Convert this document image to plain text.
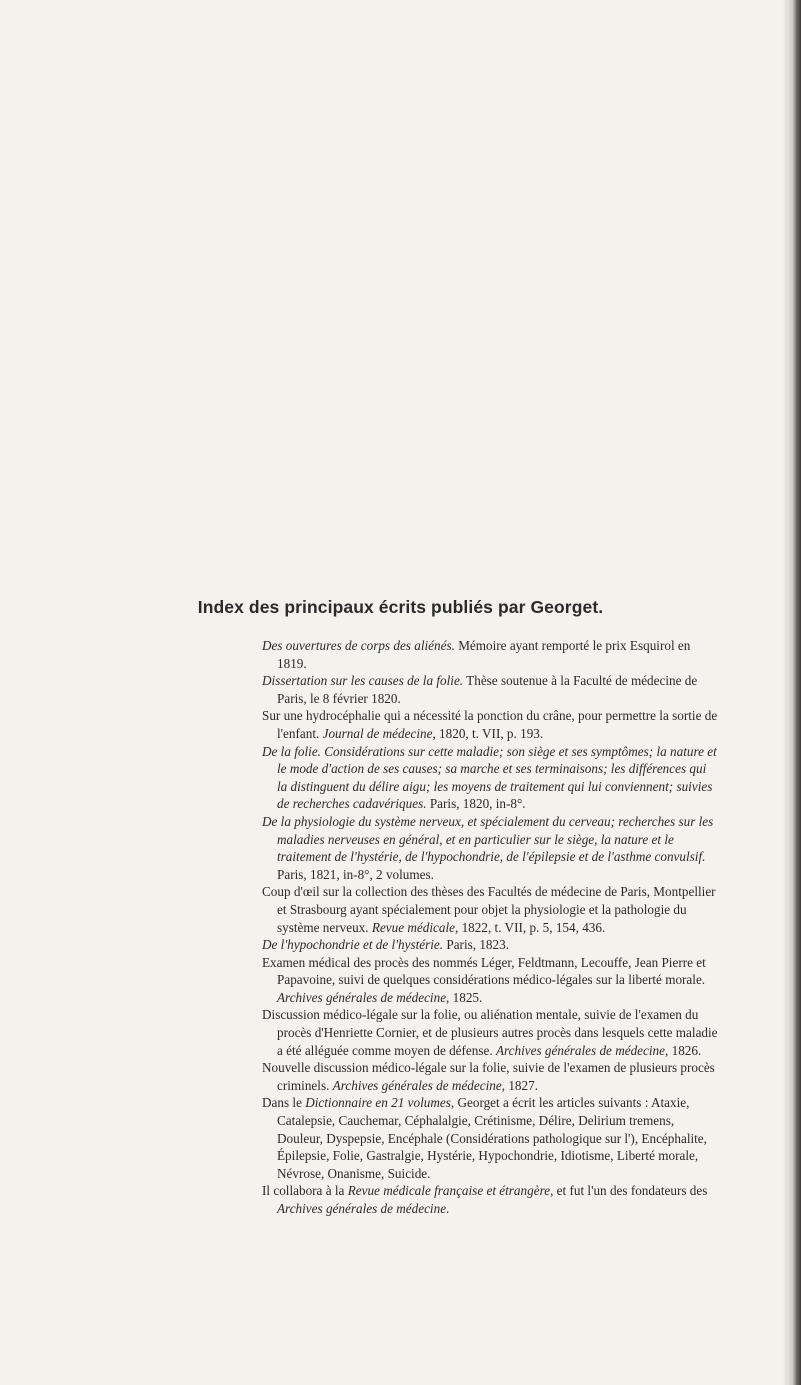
Index des principaux écrits publiés par Georget.

Des ouvertures de corps des aliénés. Mémoire ayant remporté le prix Esquirol en 1819.

Dissertation sur les causes de la folie. Thèse soutenue à la Faculté de médecine de Paris, le 8 février 1820.

Sur une hydrocéphalie qui a nécessité la ponction du crâne, pour permettre la sortie de l'enfant. Journal de médecine, 1820, t. VII, p. 193.

De la folie. Considérations sur cette maladie; son siège et ses symptômes; la nature et le mode d'action de ses causes; sa marche et ses terminaisons; les différences qui la distinguent du délire aigu; les moyens de traitement qui lui conviennent; suivies de recherches cadavériques. Paris, 1820, in-8°.

De la physiologie du système nerveux, et spécialement du cerveau; recherches sur les maladies nerveuses en général, et en particulier sur le siège, la nature et le traitement de l'hystérie, de l'hypochondrie, de l'épilepsie et de l'asthme convulsif. Paris, 1821, in-8°, 2 volumes.

Coup d'œil sur la collection des thèses des Facultés de médecine de Paris, Montpellier et Strasbourg ayant spécialement pour objet la physiologie et la pathologie du système nerveux. Revue médicale, 1822, t. VII, p. 5, 154, 436.

De l'hypochondrie et de l'hystérie. Paris, 1823.

Examen médical des procès des nommés Léger, Feldtmann, Lecouffe, Jean Pierre et Papavoine, suivi de quelques considérations médico-légales sur la liberté morale. Archives générales de médecine, 1825.

Discussion médico-légale sur la folie, ou aliénation mentale, suivie de l'examen du procès d'Henriette Cornier, et de plusieurs autres procès dans lesquels cette maladie a été alléguée comme moyen de défense. Archives générales de médecine, 1826.

Nouvelle discussion médico-légale sur la folie, suivie de l'examen de plusieurs procès criminels. Archives générales de médecine, 1827.

Dans le Dictionnaire en 21 volumes, Georget a écrit les articles suivants : Ataxie, Catalepsie, Cauchemar, Céphalalgie, Crétinisme, Délire, Delirium tremens, Douleur, Dyspepsie, Encéphale (Considérations pathologique sur l'), Encéphalite, Épilepsie, Folie, Gastralgie, Hystérie, Hypochondrie, Idiotisme, Liberté morale, Névrose, Onanisme, Suicide.

Il collabora à la Revue médicale française et étrangère, et fut l'un des fondateurs des Archives générales de médecine.
